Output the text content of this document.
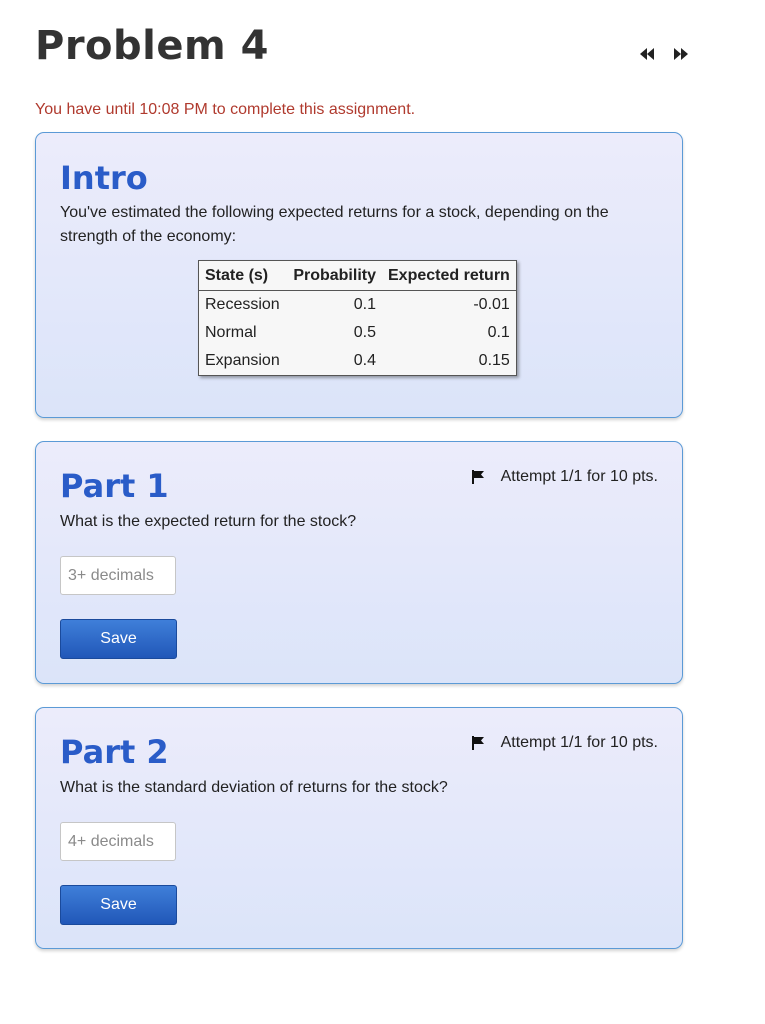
Problem 4
You have until 10:08 PM to complete this assignment.
Intro
You've estimated the following expected returns for a stock, depending on the strength of the economy:
State (s)	Probability	Expected return
Recession	0.1	-0.01
Normal	0.5	0.1
Expansion	0.4	0.15
Part 1	Attempt 1/1 for 10 pts.
What is the expected return for the stock?
3+ decimals
Save
Part 2	Attempt 1/1 for 10 pts.
What is the standard deviation of returns for the stock?
4+ decimals
Save
